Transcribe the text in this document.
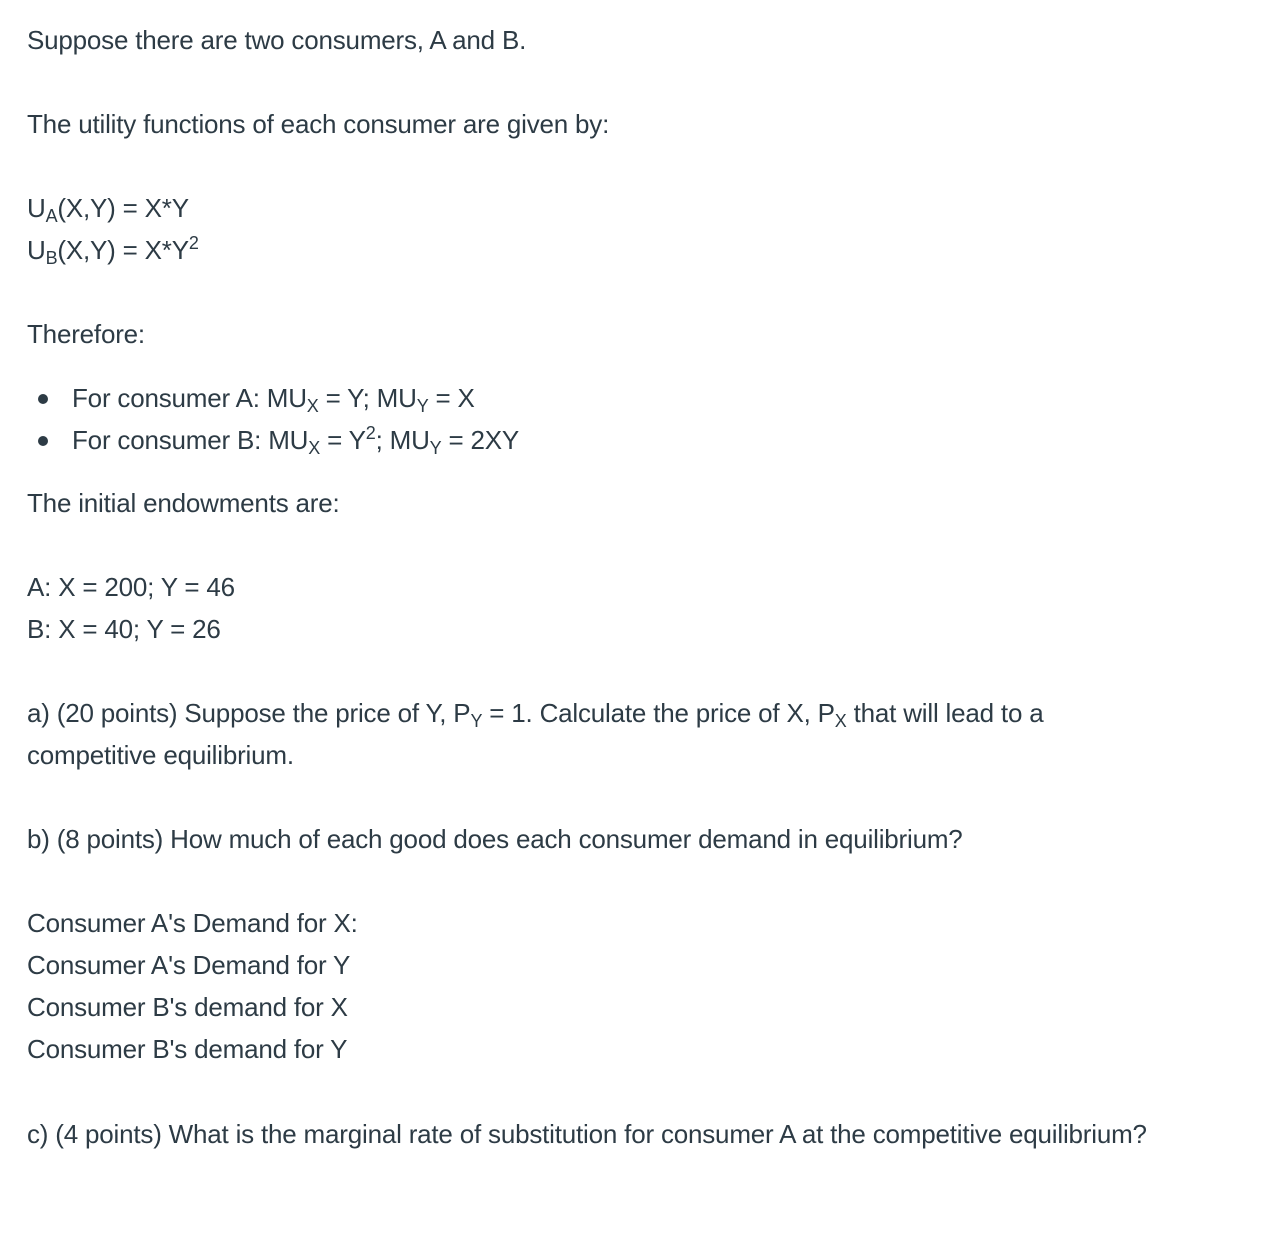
Suppose there are two consumers, A and B.
The utility functions of each consumer are given by:
$U_A(X,Y) = X*Y$
$U_B(X,Y) = X*Y^2$
Therefore:
For consumer A: $MU_X = Y$; $MU_Y = X$
For consumer B: $MU_X = Y^2$; $MU_Y = 2XY$
The initial endowments are:
A: X = 200; Y = 46
B: X = 40; Y = 26
a) (20 points) Suppose the price of Y, $P_Y = 1$. Calculate the price of X, $P_X$ that will lead to a competitive equilibrium.
b) (8 points) How much of each good does each consumer demand in equilibrium?
Consumer A's Demand for X:
Consumer A's Demand for Y
Consumer B's demand for X
Consumer B's demand for Y
c) (4 points) What is the marginal rate of substitution for consumer A at the competitive equilibrium?
